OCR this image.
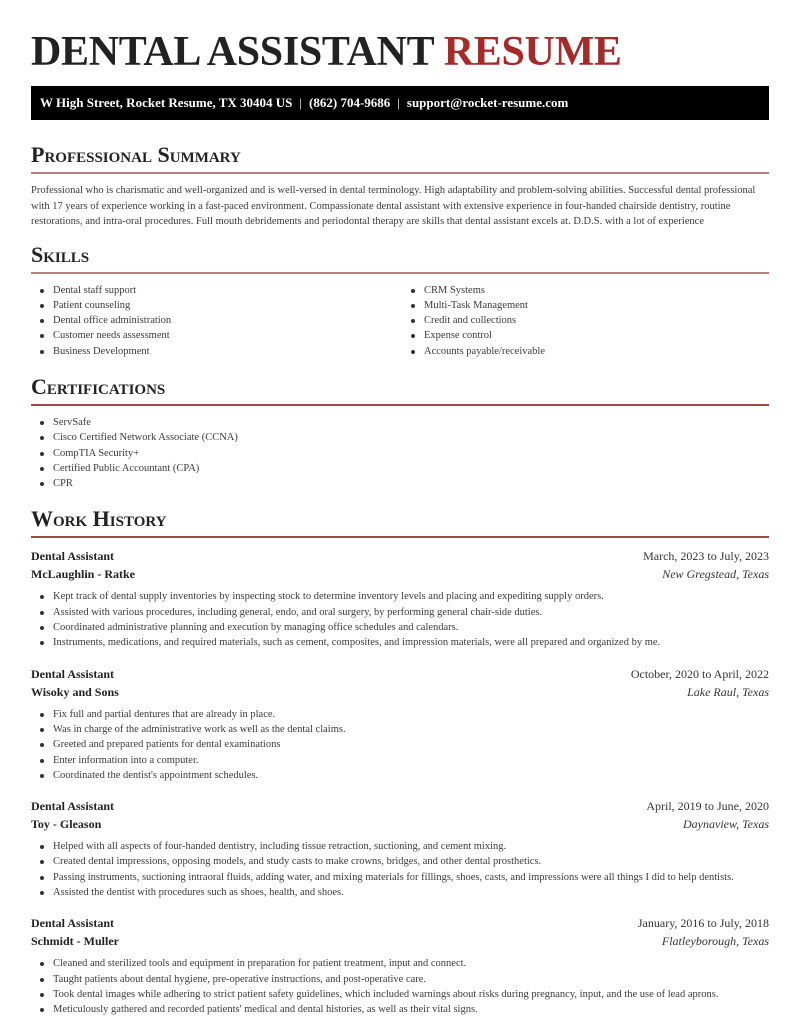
DENTAL ASSISTANT RESUME
W High Street, Rocket Resume, TX 30404 US | (862) 704-9686 | support@rocket-resume.com
Professional Summary

Professional who is charismatic and well-organized and is well-versed in dental terminology. High adaptability and problem-solving abilities. Successful dental professional with 17 years of experience working in a fast-paced environment. Compassionate dental assistant with extensive experience in four-handed chairside dentistry, routine restorations, and intra-oral procedures. Full mouth debridements and periodontal therapy are skills that dental assistant excels at. D.D.S. with a lot of experience

Skills
Dental staff support
Patient counseling
Dental office administration
Customer needs assessment
Business Development
CRM Systems
Multi-Task Management
Credit and collections
Expense control
Accounts payable/receivable
Certifications
ServSafe
Cisco Certified Network Associate (CCNA)
CompTIA Security+
Certified Public Accountant (CPA)
CPR
Work History
Dental Assistant	March, 2023 to July, 2023
McLaughlin - Ratke	New Gregstead, Texas
Kept track of dental supply inventories by inspecting stock to determine inventory levels and placing and expediting supply orders.
Assisted with various procedures, including general, endo, and oral surgery, by performing general chair-side duties.
Coordinated administrative planning and execution by managing office schedules and calendars.
Instruments, medications, and required materials, such as cement, composites, and impression materials, were all prepared and organized by me.
Dental Assistant	October, 2020 to April, 2022
Wisoky and Sons	Lake Raul, Texas
Fix full and partial dentures that are already in place.
Was in charge of the administrative work as well as the dental claims.
Greeted and prepared patients for dental examinations
Enter information into a computer.
Coordinated the dentist's appointment schedules.
Dental Assistant	April, 2019 to June, 2020
Toy - Gleason	Daynaview, Texas
Helped with all aspects of four-handed dentistry, including tissue retraction, suctioning, and cement mixing.
Created dental impressions, opposing models, and study casts to make crowns, bridges, and other dental prosthetics.
Passing instruments, suctioning intraoral fluids, adding water, and mixing materials for fillings, shoes, casts, and impressions were all things I did to help dentists.
Assisted the dentist with procedures such as shoes, health, and shoes.
Dental Assistant	January, 2016 to July, 2018
Schmidt - Muller	Flatleyborough, Texas
Cleaned and sterilized tools and equipment in preparation for patient treatment, input and connect.
Taught patients about dental hygiene, pre-operative instructions, and post-operative care.
Took dental images while adhering to strict patient safety guidelines, which included warnings about risks during pregnancy, input, and the use of lead aprons.
Meticulously gathered and recorded patients' medical and dental histories, as well as their vital signs.
